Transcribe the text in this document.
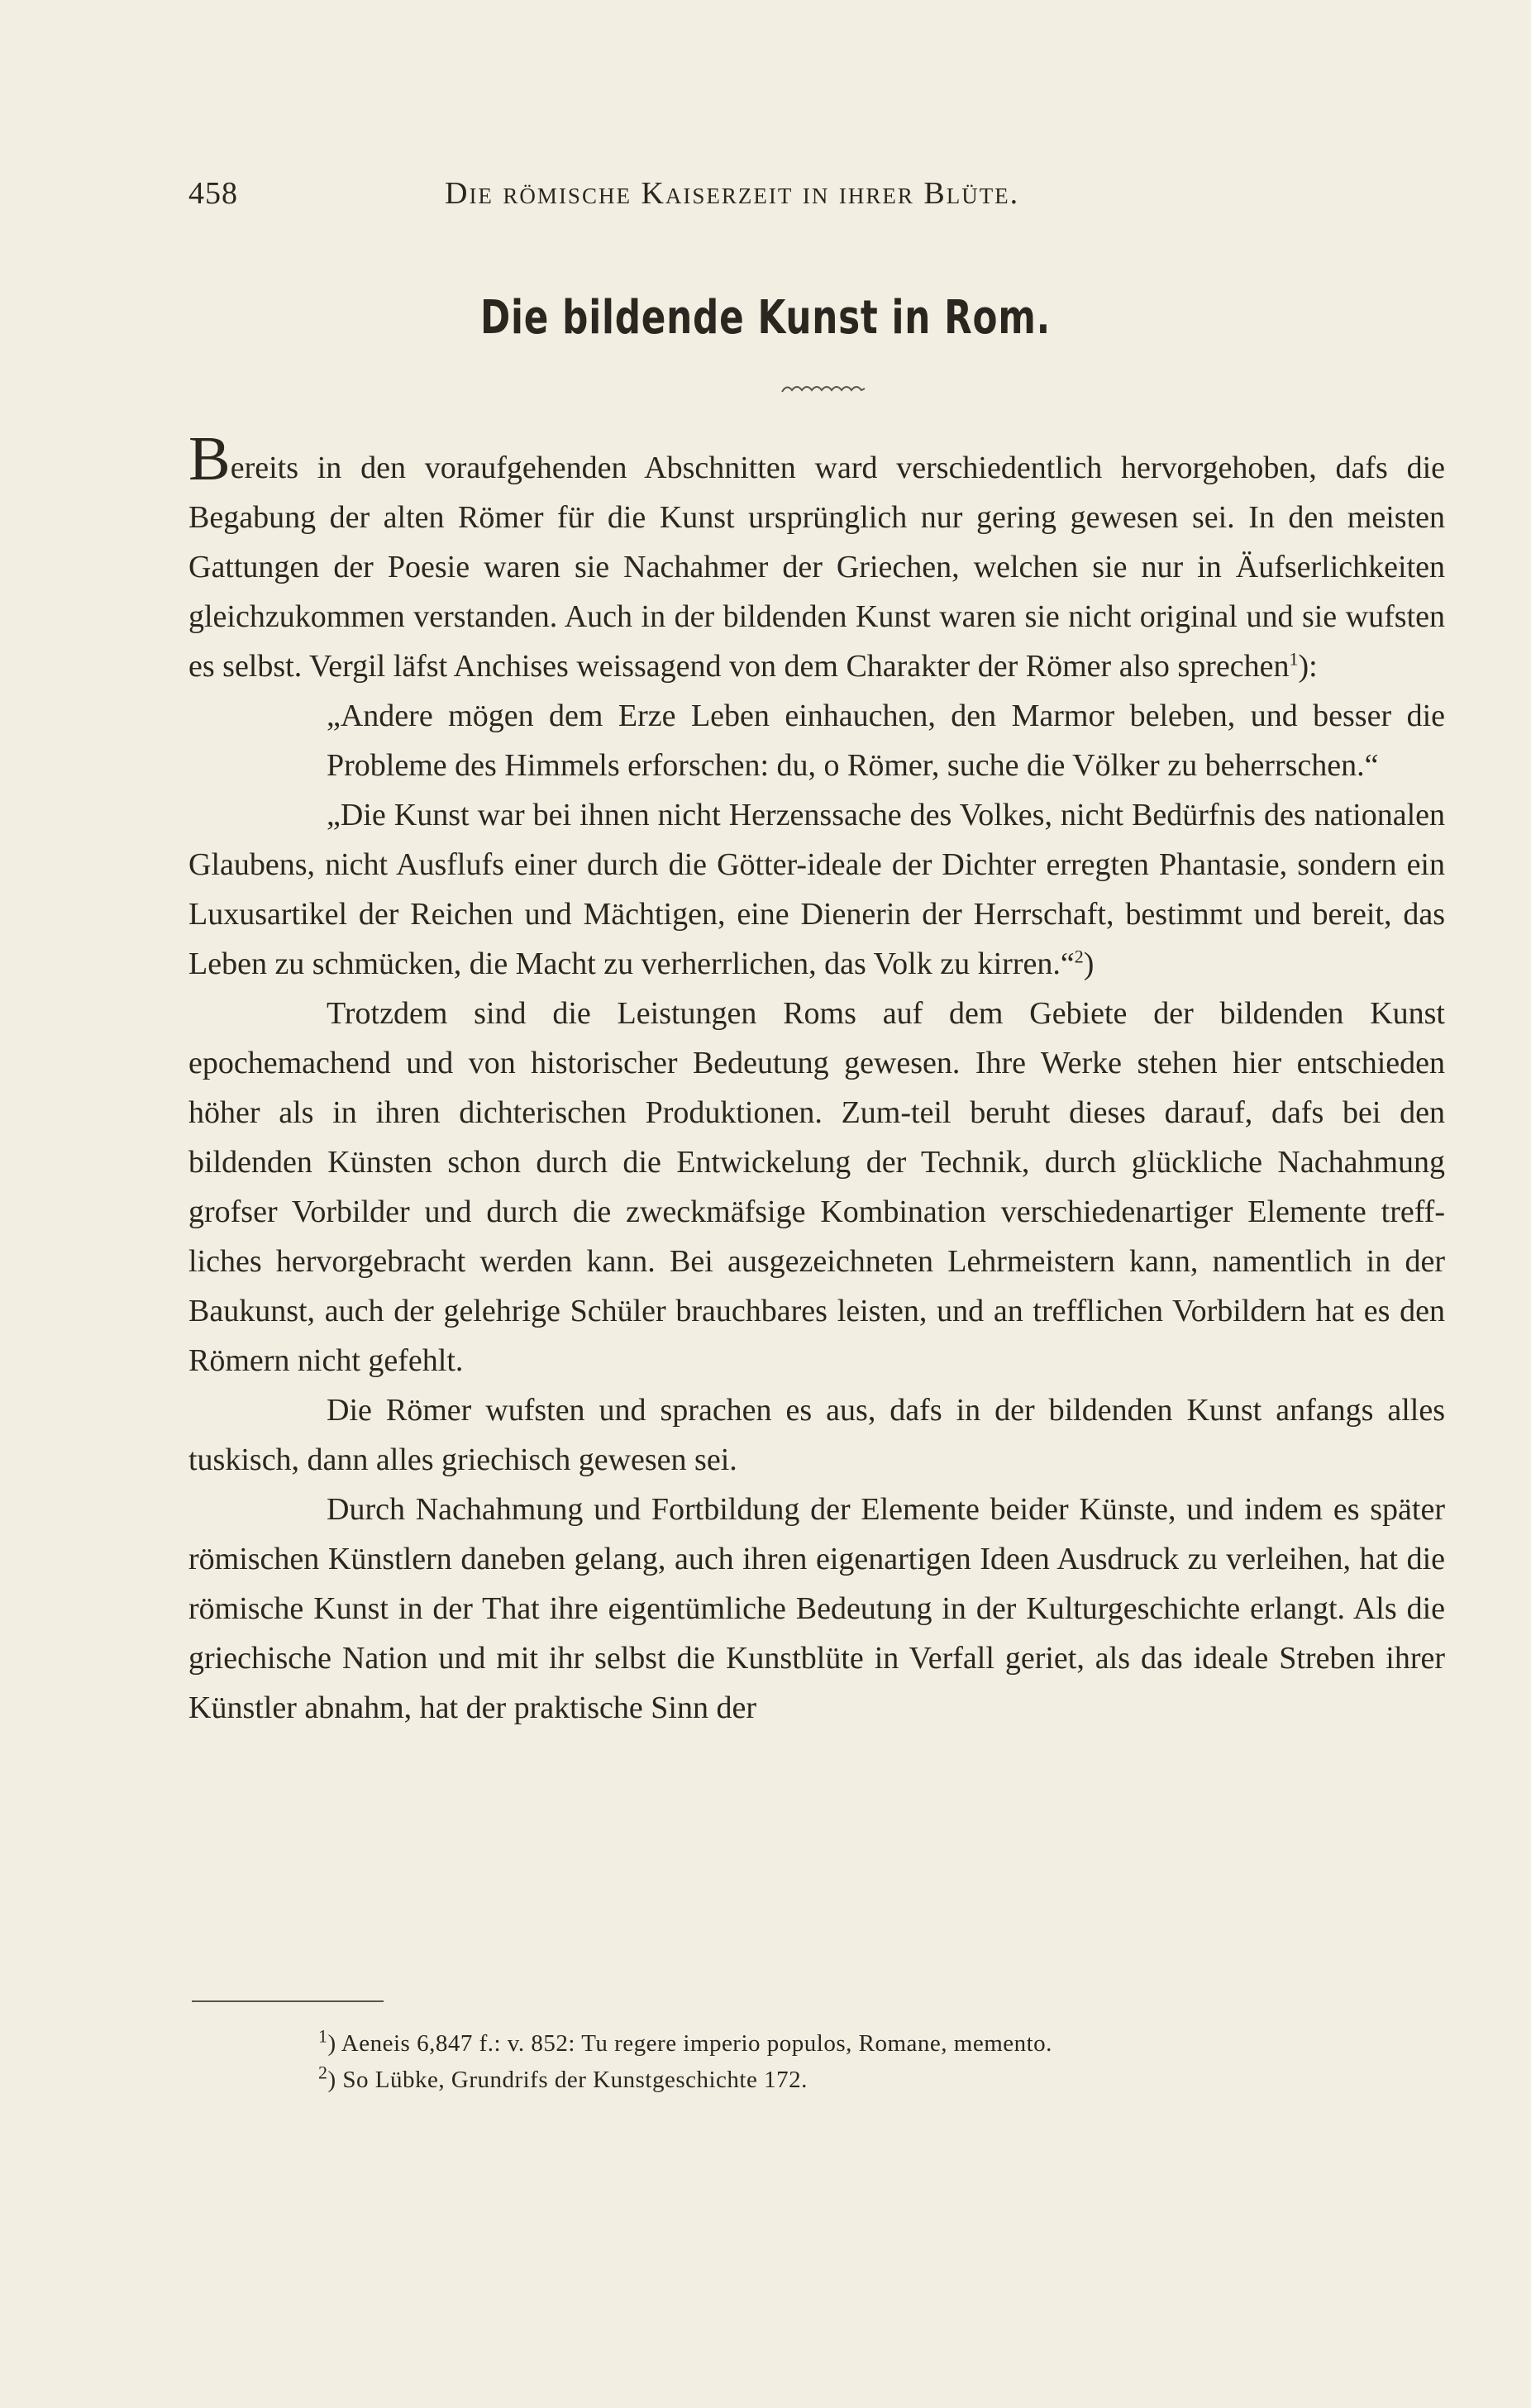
458	Die römische Kaiserzeit in ihrer Blüte.
Die bildende Kunst in Rom.

Bereits in den voraufgehenden Abschnitten ward verschiedentlich hervorgehoben, dafs die Begabung der alten Römer für die Kunst ursprünglich nur gering gewesen sei. In den meisten Gattungen der Poesie waren sie Nachahmer der Griechen, welchen sie nur in Äufserlichkeiten gleichzukommen verstanden. Auch in der bildenden Kunst waren sie nicht original und sie wufsten es selbst. Vergil läfst Anchises weissagend von dem Charakter der Römer also sprechen$^1$):

„Andere mögen dem Erze Leben einhauchen, den Marmor beleben, und besser die Probleme des Himmels erforschen: du, o Römer, suche die Völker zu beherrschen.“

„Die Kunst war bei ihnen nicht Herzenssache des Volkes, nicht Bedürfnis des nationalen Glaubens, nicht Ausflufs einer durch die Götter-ideale der Dichter erregten Phantasie, sondern ein Luxusartikel der Reichen und Mächtigen, eine Dienerin der Herrschaft, bestimmt und bereit, das Leben zu schmücken, die Macht zu verherrlichen, das Volk zu kirren.“$^2$)

Trotzdem sind die Leistungen Roms auf dem Gebiete der bildenden Kunst epochemachend und von historischer Bedeutung gewesen. Ihre Werke stehen hier entschieden höher als in ihren dichterischen Produktionen. Zum-teil beruht dieses darauf, dafs bei den bildenden Künsten schon durch die Entwickelung der Technik, durch glückliche Nachahmung grofser Vorbilder und durch die zweckmäfsige Kombination verschiedenartiger Elemente treff-liches hervorgebracht werden kann. Bei ausgezeichneten Lehrmeistern kann, namentlich in der Baukunst, auch der gelehrige Schüler brauchbares leisten, und an trefflichen Vorbildern hat es den Römern nicht gefehlt.

Die Römer wufsten und sprachen es aus, dafs in der bildenden Kunst anfangs alles tuskisch, dann alles griechisch gewesen sei.

Durch Nachahmung und Fortbildung der Elemente beider Künste, und indem es später römischen Künstlern daneben gelang, auch ihren eigenartigen Ideen Ausdruck zu verleihen, hat die römische Kunst in der That ihre eigentümliche Bedeutung in der Kulturgeschichte erlangt. Als die griechische Nation und mit ihr selbst die Kunstblüte in Verfall geriet, als das ideale Streben ihrer Künstler abnahm, hat der praktische Sinn der

$^1$) Aeneis 6,847 f.: v. 852: Tu regere imperio populos, Romane, memento.

$^2$) So Lübke, Grundrifs der Kunstgeschichte 172.
